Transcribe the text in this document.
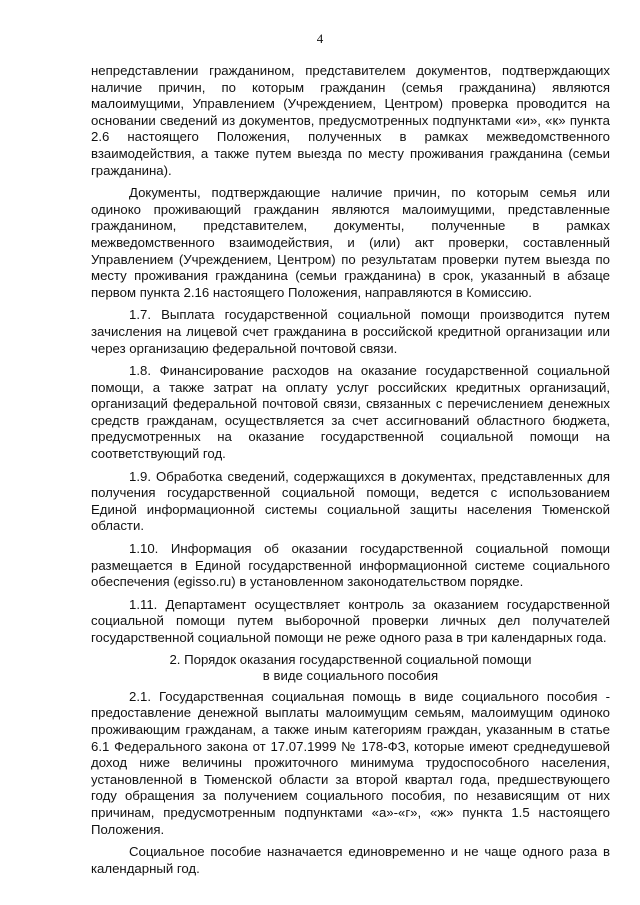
4

непредставлении гражданином, представителем документов, подтверждающих наличие причин, по которым гражданин (семья гражданина) являются малоимущими, Управлением (Учреждением, Центром) проверка проводится на основании сведений из документов, предусмотренных подпунктами «и», «к» пункта 2.6 настоящего Положения, полученных в рамках межведомственного взаимодействия, а также путем выезда по месту проживания гражданина (семьи гражданина).

Документы, подтверждающие наличие причин, по которым семья или одиноко проживающий гражданин являются малоимущими, представленные гражданином, представителем, документы, полученные в рамках межведомственного взаимодействия, и (или) акт проверки, составленный Управлением (Учреждением, Центром) по результатам проверки путем выезда по месту проживания гражданина (семьи гражданина) в срок, указанный в абзаце первом пункта 2.16 настоящего Положения, направляются в Комиссию.

1.7. Выплата государственной социальной помощи производится путем зачисления на лицевой счет гражданина в российской кредитной организации или через организацию федеральной почтовой связи.

1.8. Финансирование расходов на оказание государственной социальной помощи, а также затрат на оплату услуг российских кредитных организаций, организаций федеральной почтовой связи, связанных с перечислением денежных средств гражданам, осуществляется за счет ассигнований областного бюджета, предусмотренных на оказание государственной социальной помощи на соответствующий год.

1.9. Обработка сведений, содержащихся в документах, представленных для получения государственной социальной помощи, ведется с использованием Единой информационной системы социальной защиты населения Тюменской области.

1.10. Информация об оказании государственной социальной помощи размещается в Единой государственной информационной системе социального обеспечения (egisso.ru) в установленном законодательством порядке.

1.11. Департамент осуществляет контроль за оказанием государственной социальной помощи путем выборочной проверки личных дел получателей государственной социальной помощи не реже одного раза в три календарных года.

2. Порядок оказания государственной социальной помощи
в виде социального пособия

2.1. Государственная социальная помощь в виде социального пособия - предоставление денежной выплаты малоимущим семьям, малоимущим одиноко проживающим гражданам, а также иным категориям граждан, указанным в статье 6.1 Федерального закона от 17.07.1999 № 178-ФЗ, которые имеют среднедушевой доход ниже величины прожиточного минимума трудоспособного населения, установленной в Тюменской области за второй квартал года, предшествующего году обращения за получением социального пособия, по независящим от них причинам, предусмотренным подпунктами «а»-«г», «ж» пункта 1.5 настоящего Положения.

Социальное пособие назначается единовременно и не чаще одного раза в календарный год.
